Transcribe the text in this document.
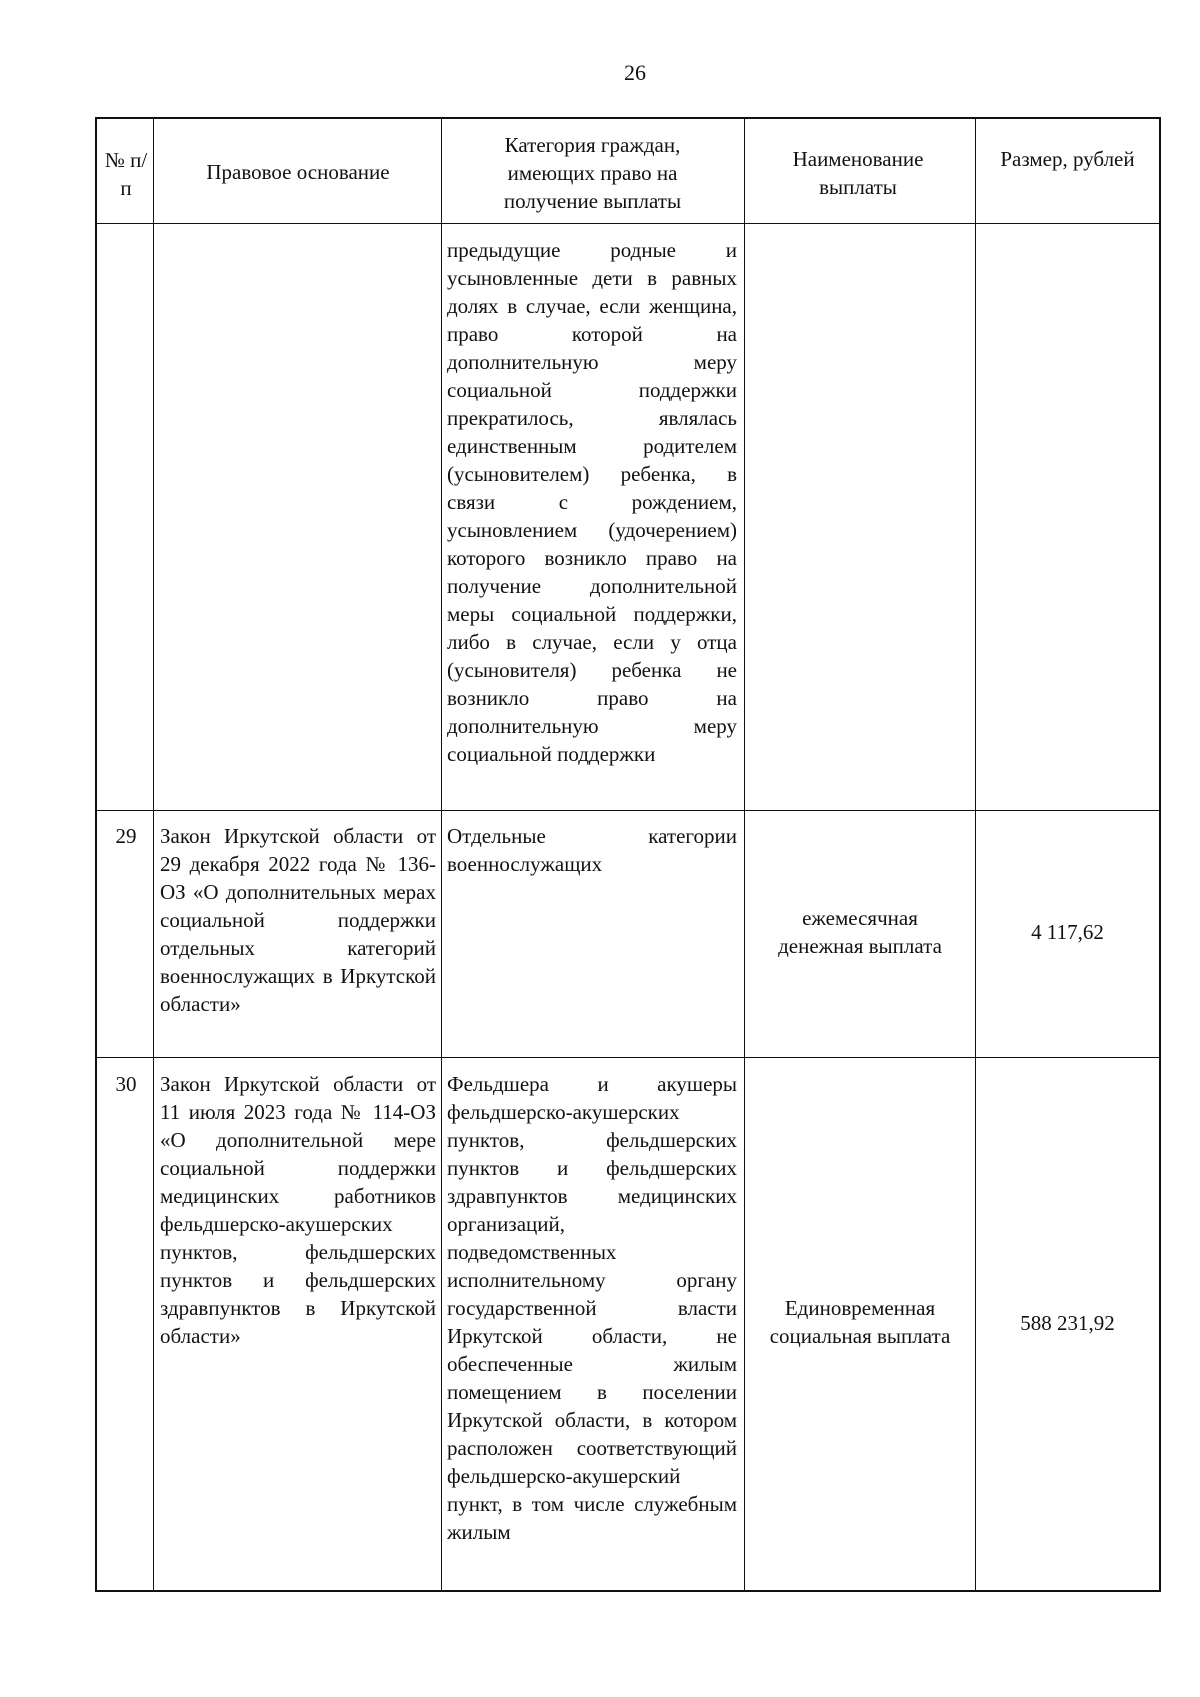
26
№ п/п
Правовое основание
Категория граждан, имеющих право на получение выплаты
Наименование выплаты
Размер, рублей
предыдущие родные и усыновленные дети в равных долях в случае, если женщина, право которой на дополнительную меру социальной поддержки прекратилось, являлась единственным родителем (усыновителем) ребенка, в связи с рождением, усыновлением (удочерением) которого возникло право на получение дополнительной меры социальной поддержки, либо в случае, если у отца (усыновителя) ребенка не возникло право на дополнительную меру социальной поддержки
29	Закон Иркутской области от 29 декабря 2022 года № 136-ОЗ «О дополнительных мерах социальной поддержки отдельных категорий военнослужащих в Иркутской области»
Отдельные категории военнослужащих
ежемесячная денежная выплата
4 117,62
30	Закон Иркутской области от 11 июля 2023 года № 114-ОЗ «О дополнительной мере социальной поддержки медицинских работников фельдшерско-акушерских пунктов, фельдшерских пунктов и фельдшерских здравпунктов в Иркутской области»
Фельдшера и акушеры фельдшерско-акушерских пунктов, фельдшерских пунктов и фельдшерских здравпунктов медицинских организаций, подведомственных исполнительному органу государственной власти Иркутской области, не обеспеченные жилым помещением в поселении Иркутской области, в котором расположен соответствующий фельдшерско-акушерский пункт, в том числе служебным жилым
Единовременная социальная выплата
588 231,92
